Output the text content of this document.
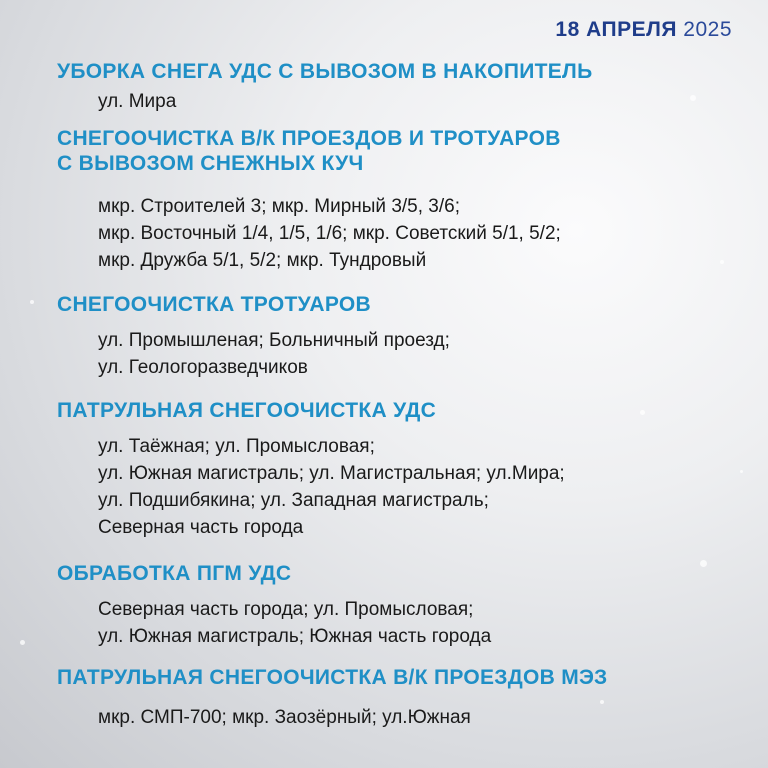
18 АПРЕЛЯ 2025
УБОРКА СНЕГА УДС С ВЫВОЗОМ В НАКОПИТЕЛЬ
ул. Мира
СНЕГООЧИСТКА В/К ПРОЕЗДОВ И ТРОТУАРОВ
С ВЫВОЗОМ СНЕЖНЫХ КУЧ
мкр. Строителей 3; мкр. Мирный 3/5, 3/6;
мкр. Восточный 1/4, 1/5, 1/6; мкр. Советский 5/1, 5/2;
мкр. Дружба 5/1, 5/2; мкр. Тундровый
СНЕГООЧИСТКА ТРОТУАРОВ
ул. Промышленая; Больничный проезд;
ул. Геологоразведчиков
ПАТРУЛЬНАЯ СНЕГООЧИСТКА УДС
ул. Таёжная; ул. Промысловая;
ул. Южная магистраль; ул. Магистральная; ул.Мира;
ул. Подшибякина; ул. Западная магистраль;
Северная часть города
ОБРАБОТКА ПГМ УДС
Северная часть города; ул. Промысловая;
ул. Южная магистраль; Южная часть города
ПАТРУЛЬНАЯ СНЕГООЧИСТКА В/К ПРОЕЗДОВ МЭЗ
мкр. СМП-700; мкр. Заозёрный; ул.Южная
